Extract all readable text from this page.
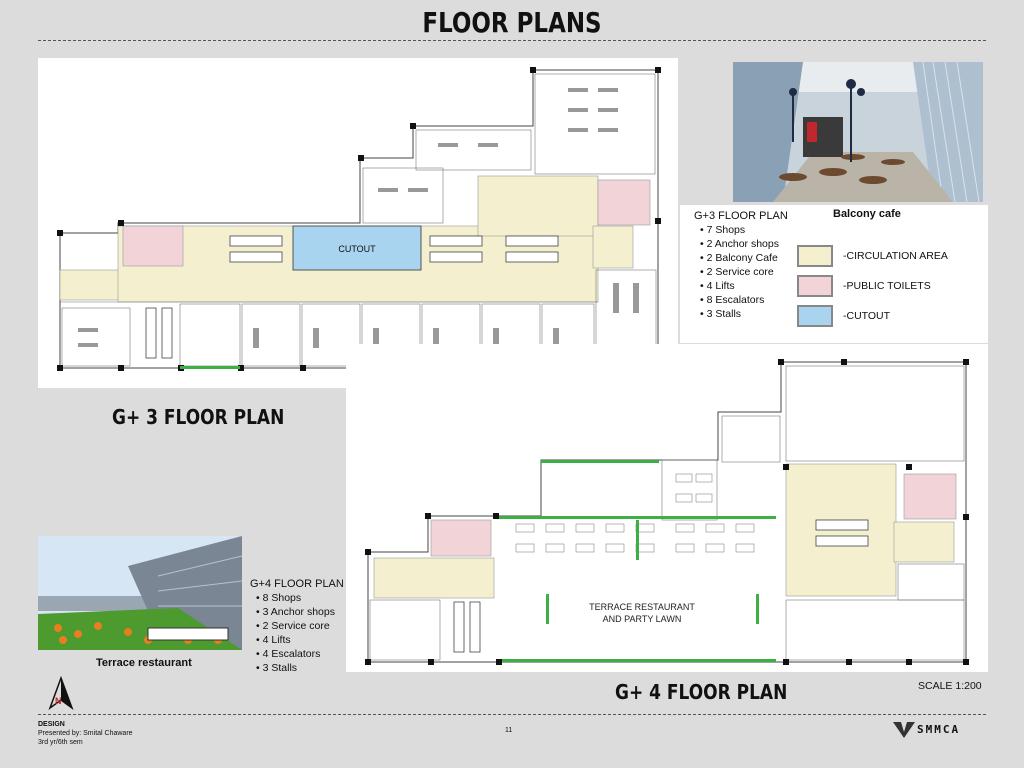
FLOOR PLANS
CUTOUT
G+3 FLOOR PLAN
• 7 Shops
• 2 Anchor shops
• 2 Balcony Cafe
• 2 Service core
• 4 Lifts
• 8 Escalators
• 3 Stalls
Balcony cafe
-CIRCULATION AREA
-PUBLIC TOILETS
-CUTOUT
G+ 3 FLOOR PLAN
TERRACE RESTAURANT
AND PARTY LAWN
Terrace restaurant
G+4 FLOOR PLAN
• 8 Shops
• 3 Anchor shops
• 2 Service core
• 4 Lifts
• 4 Escalators
• 3 Stalls
N	G+ 4 FLOOR PLAN	SCALE 1:200
DESIGN
Presented by: Smital Chaware
3rd yr/6th sem
11	SMMCA
